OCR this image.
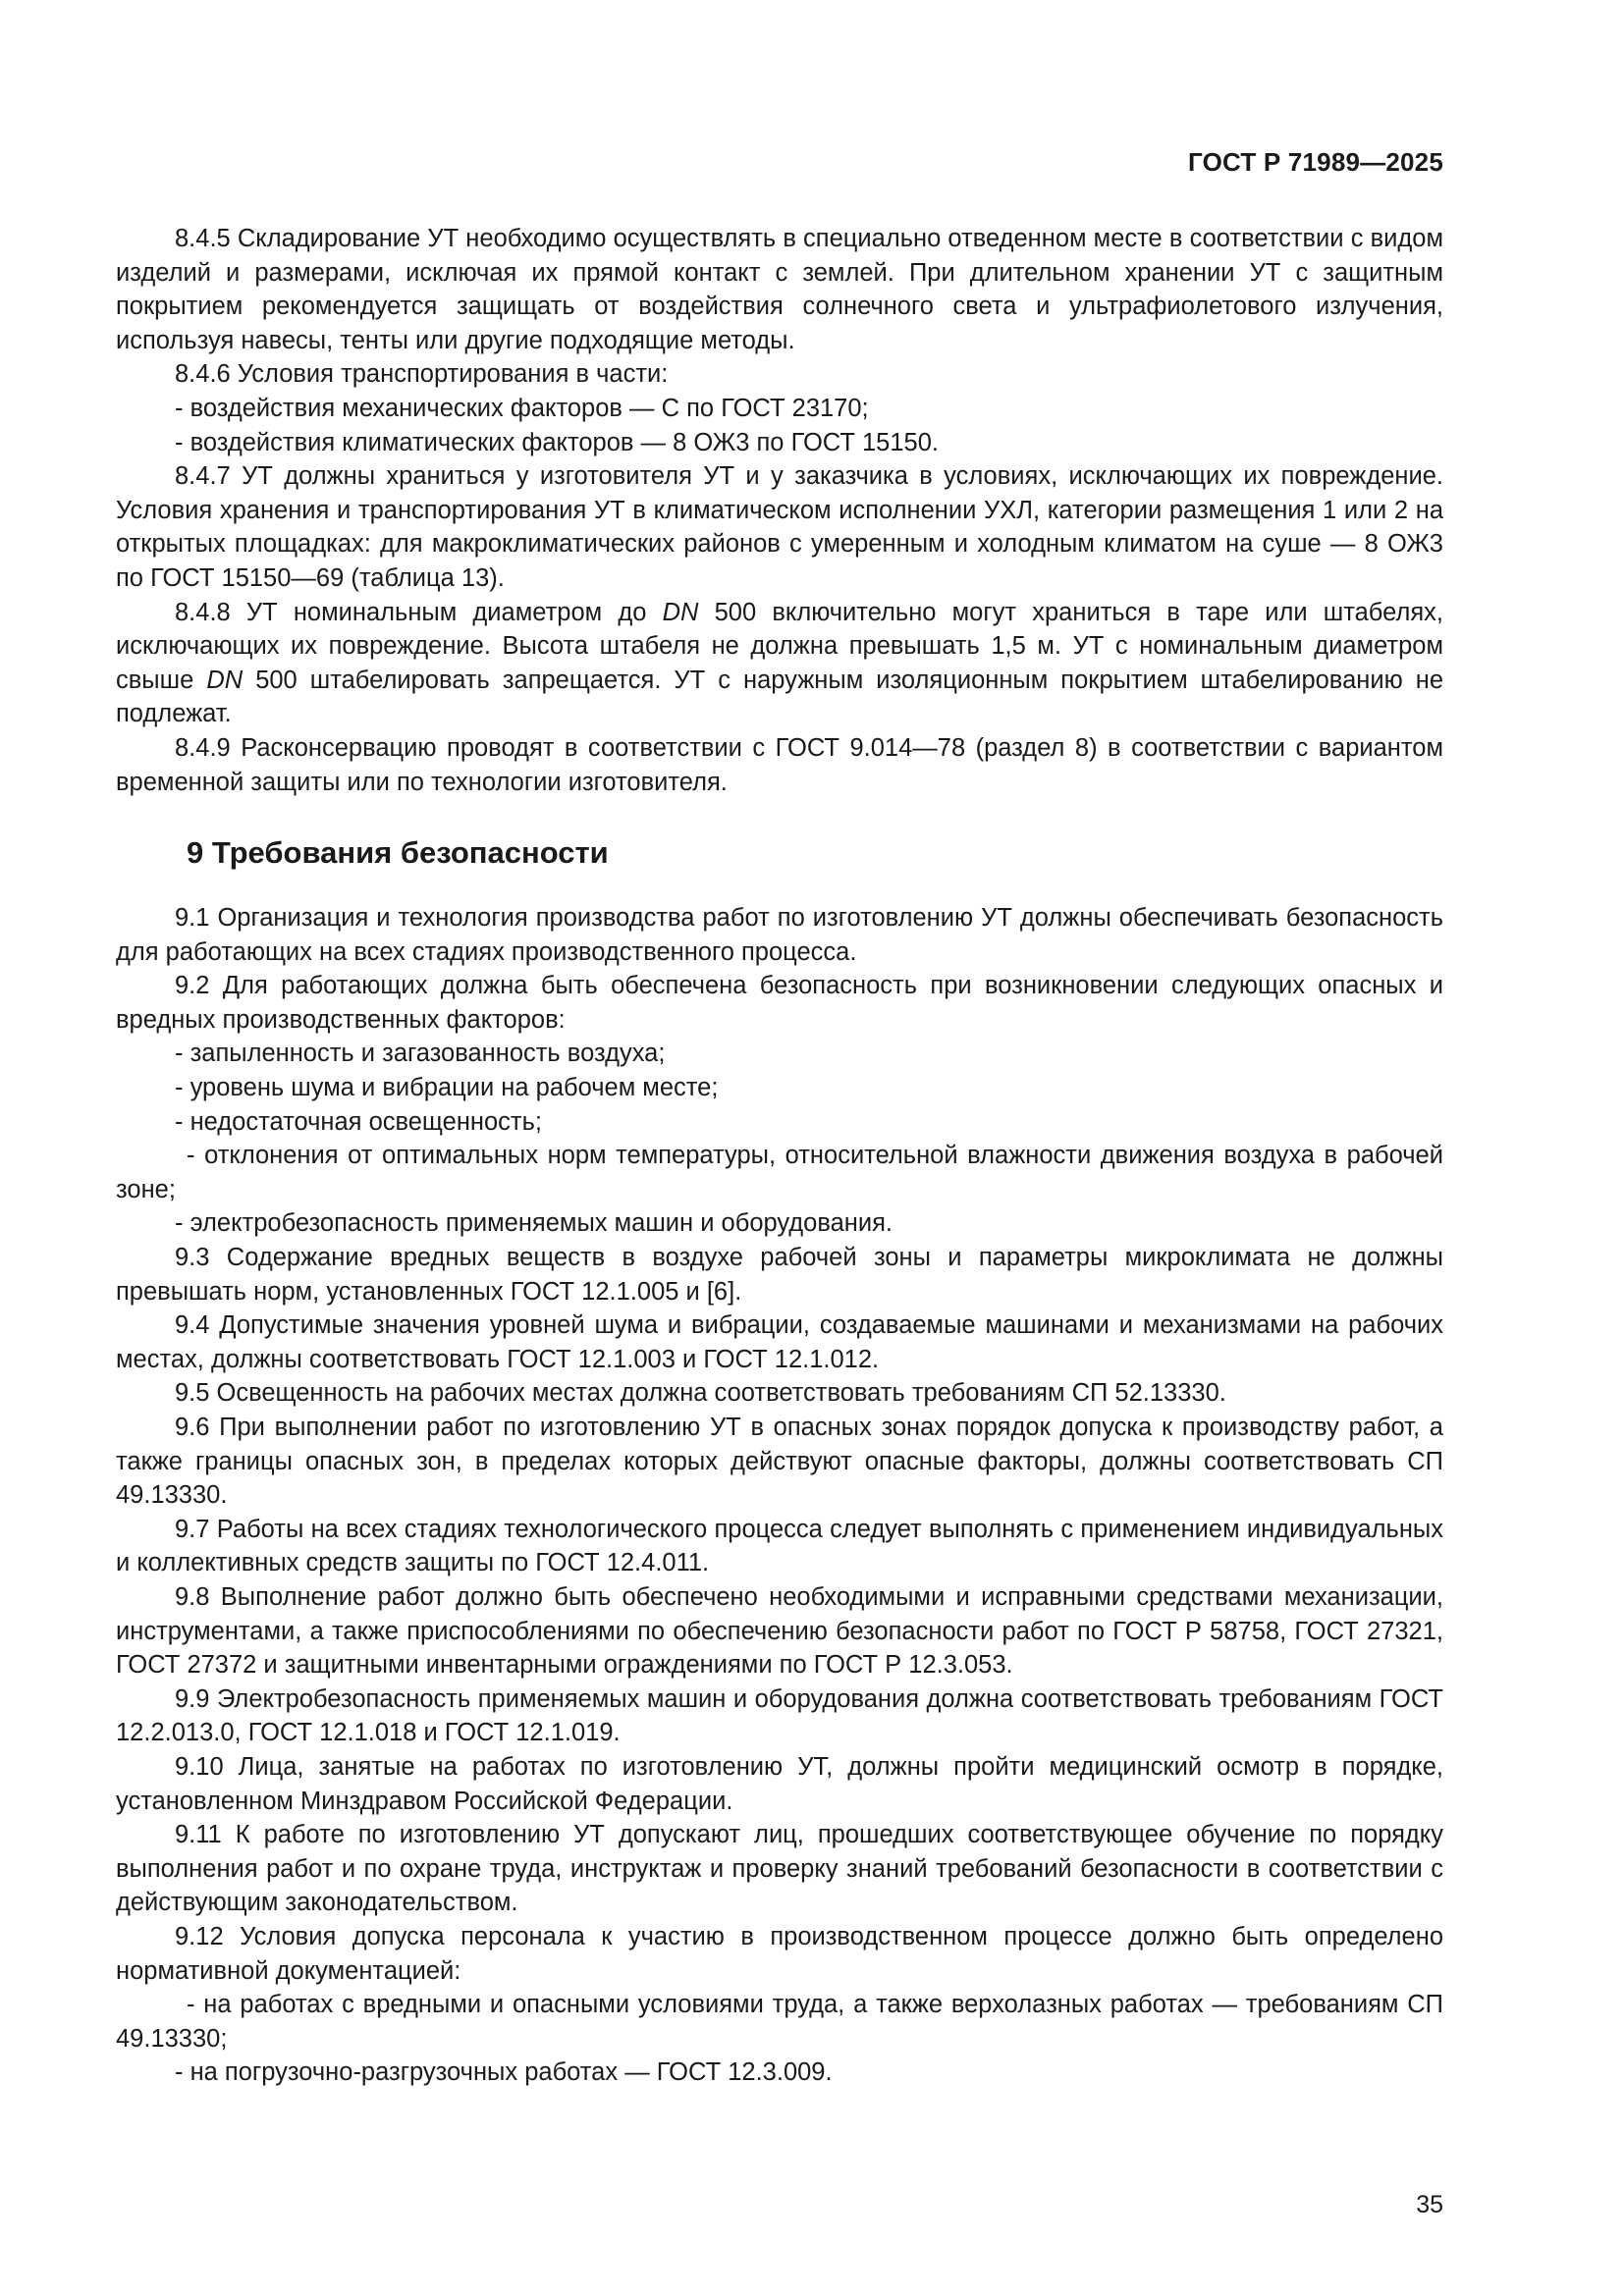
ГОСТ Р 71989—2025

8.4.5 Складирование УТ необходимо осуществлять в специально отведенном месте в соответствии с видом изделий и размерами, исключая их прямой контакт с землей. При длительном хранении УТ с защитным покрытием рекомендуется защищать от воздействия солнечного света и ультрафиолетового излучения, используя навесы, тенты или другие подходящие методы.

8.4.6 Условия транспортирования в части:

- воздействия механических факторов — С по ГОСТ 23170;

- воздействия климатических факторов — 8 ОЖ3 по ГОСТ 15150.

8.4.7 УТ должны храниться у изготовителя УТ и у заказчика в условиях, исключающих их повреждение. Условия хранения и транспортирования УТ в климатическом исполнении УХЛ, категории размещения 1 или 2 на открытых площадках: для макроклиматических районов с умеренным и холодным климатом на суше — 8 ОЖ3 по ГОСТ 15150—69 (таблица 13).

8.4.8 УТ номинальным диаметром до DN 500 включительно могут храниться в таре или штабелях, исключающих их повреждение. Высота штабеля не должна превышать 1,5 м. УТ с номинальным диаметром свыше DN 500 штабелировать запрещается. УТ с наружным изоляционным покрытием штабелированию не подлежат.

8.4.9 Расконсервацию проводят в соответствии с ГОСТ 9.014—78 (раздел 8) в соответствии с вариантом временной защиты или по технологии изготовителя.

9 Требования безопасности

9.1 Организация и технология производства работ по изготовлению УТ должны обеспечивать безопасность для работающих на всех стадиях производственного процесса.

9.2 Для работающих должна быть обеспечена безопасность при возникновении следующих опасных и вредных производственных факторов:

- запыленность и загазованность воздуха;

- уровень шума и вибрации на рабочем месте;

- недостаточная освещенность;

- отклонения от оптимальных норм температуры, относительной влажности движения воздуха в рабочей зоне;

- электробезопасность применяемых машин и оборудования.

9.3 Содержание вредных веществ в воздухе рабочей зоны и параметры микроклимата не должны превышать норм, установленных ГОСТ 12.1.005 и [6].

9.4 Допустимые значения уровней шума и вибрации, создаваемые машинами и механизмами на рабочих местах, должны соответствовать ГОСТ 12.1.003 и ГОСТ 12.1.012.

9.5 Освещенность на рабочих местах должна соответствовать требованиям СП 52.13330.

9.6 При выполнении работ по изготовлению УТ в опасных зонах порядок допуска к производству работ, а также границы опасных зон, в пределах которых действуют опасные факторы, должны соответствовать СП 49.13330.

9.7 Работы на всех стадиях технологического процесса следует выполнять с применением индивидуальных и коллективных средств защиты по ГОСТ 12.4.011.

9.8 Выполнение работ должно быть обеспечено необходимыми и исправными средствами механизации, инструментами, а также приспособлениями по обеспечению безопасности работ по ГОСТ Р 58758, ГОСТ 27321, ГОСТ 27372 и защитными инвентарными ограждениями по ГОСТ Р 12.3.053.

9.9 Электробезопасность применяемых машин и оборудования должна соответствовать требованиям ГОСТ 12.2.013.0, ГОСТ 12.1.018 и ГОСТ 12.1.019.

9.10 Лица, занятые на работах по изготовлению УТ, должны пройти медицинский осмотр в порядке, установленном Минздравом Российской Федерации.

9.11 К работе по изготовлению УТ допускают лиц, прошедших соответствующее обучение по порядку выполнения работ и по охране труда, инструктаж и проверку знаний требований безопасности в соответствии с действующим законодательством.

9.12 Условия допуска персонала к участию в производственном процессе должно быть определено нормативной документацией:

- на работах с вредными и опасными условиями труда, а также верхолазных работах — требованиям СП 49.13330;

- на погрузочно-разгрузочных работах — ГОСТ 12.3.009.

35
